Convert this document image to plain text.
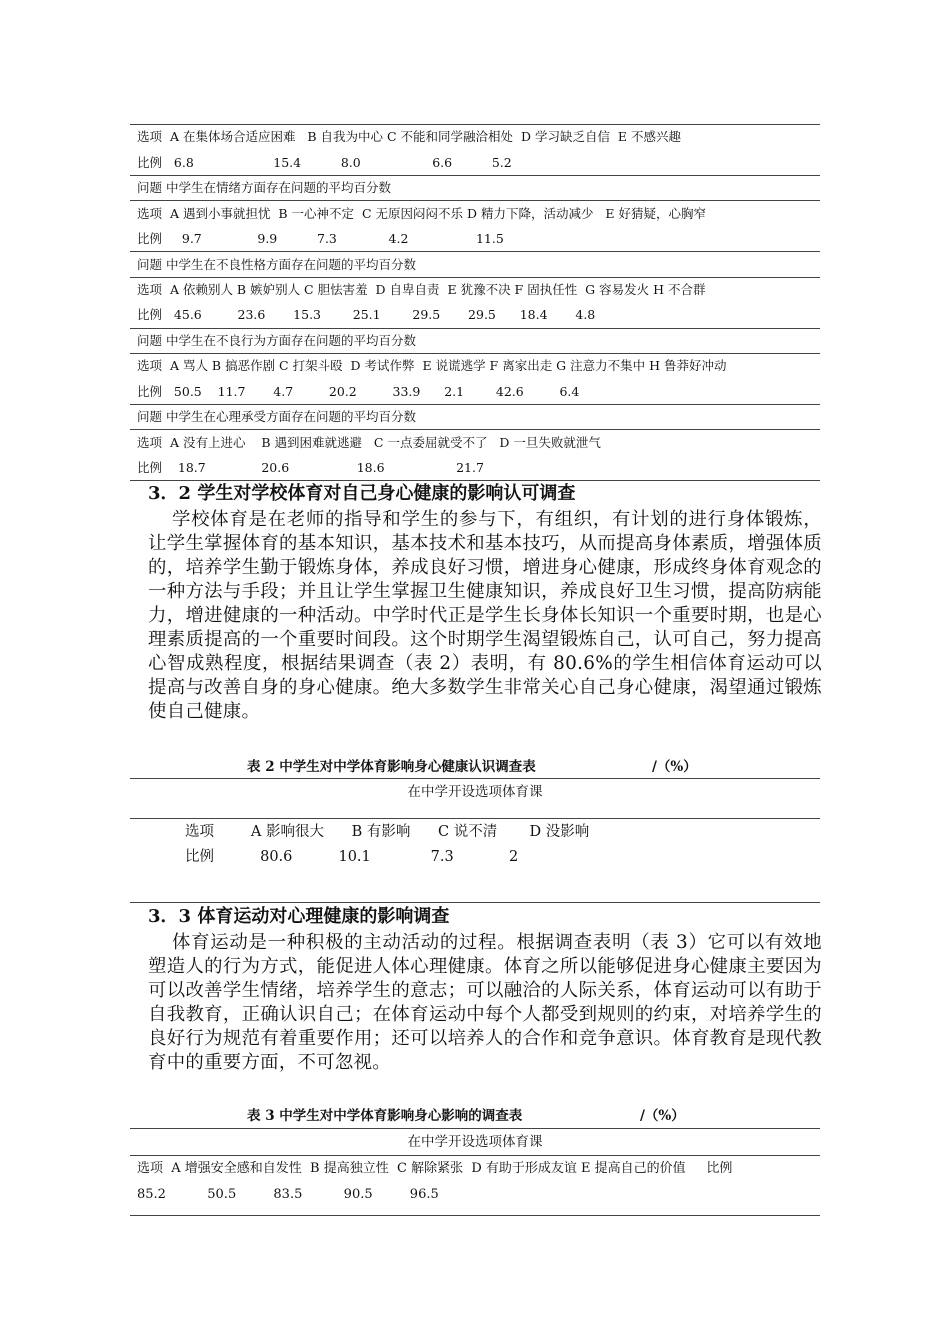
选项  A 在集体场合适应困难   B 自我为中心 C 不能和同学融洽相处  D 学习缺乏自信  E 不感兴趣
比例   6.8                    15.4          8.0                  6.6          5.2
问题 中学生在情绪方面存在问题的平均百分数
选项  A 遇到小事就担忧  B 一心神不定  C 无原因闷闷不乐 D 精力下降，活动减少   E 好猜疑，心胸窄
比例     9.7              9.9          7.3             4.2                 11.5
问题 中学生在不良性格方面存在问题的平均百分数
选项  A 依赖别人 B 嫉妒别人 C 胆怯害羞  D 自卑自责  E 犹豫不决 F 固执任性  G 容易发火 H 不合群
比例   45.6         23.6       15.3        25.1        29.5       29.5      18.4       4.8
问题 中学生在不良行为方面存在问题的平均百分数
选项  A 骂人 B 搞恶作剧 C 打架斗殴  D 考试作弊  E 说谎逃学 F 离家出走 G 注意力不集中 H 鲁莽好冲动
比例   50.5    11.7       4.7         20.2         33.9      2.1        42.6         6.4
问题 中学生在心理承受方面存在问题的平均百分数
选项  A 没有上进心    B 遇到困难就逃避   C 一点委屈就受不了   D 一旦失败就泄气
比例    18.7              20.6                 18.6                  21.7
3．2 学生对学校体育对自己身心健康的影响认可调查
学校体育是在老师的指导和学生的参与下，有组织，有计划的进行身体锻炼，让学生掌握体育的基本知识，基本技术和基本技巧，从而提高身体素质，增强体质的，培养学生勤于锻炼身体，养成良好习惯，增进身心健康，形成终身体育观念的一种方法与手段；并且让学生掌握卫生健康知识，养成良好卫生习惯，提高防病能力，增进健康的一种活动。中学时代正是学生长身体长知识一个重要时期，也是心理素质提高的一个重要时间段。这个时期学生渴望锻炼自己，认可自己，努力提高心智成熟程度，根据结果调查（表 2）表明，有 80.6%的学生相信体育运动可以提高与改善自身的身心健康。绝大多数学生非常关心自己身心健康，渴望通过锻炼使自己健康。
表 2 中学生对中学体育影响身心健康认识调查表	/（%）
在中学开设选项体育课
选项        A 影响很大      B 有影响      C 说不清       D 没影响
比例          80.6          10.1             7.3            2
3．3 体育运动对心理健康的影响调查
体育运动是一种积极的主动活动的过程。根据调查表明（表 3）它可以有效地塑造人的行为方式，能促进人体心理健康。体育之所以能够促进身心健康主要因为可以改善学生情绪，培养学生的意志；可以融洽的人际关系，体育运动可以有助于自我教育，正确认识自己；在体育运动中每个人都受到规则的约束，对培养学生的良好行为规范有着重要作用；还可以培养人的合作和竞争意识。体育教育是现代教育中的重要方面，不可忽视。
表 3 中学生对中学体育影响身心影响的调查表	/（%）
在中学开设选项体育课
选项  A 增强安全感和自发性  B 提高独立性  C 解除紧张  D 有助于形成友谊 E 提高自己的价值     比例
85.2          50.5         83.5          90.5         96.5
